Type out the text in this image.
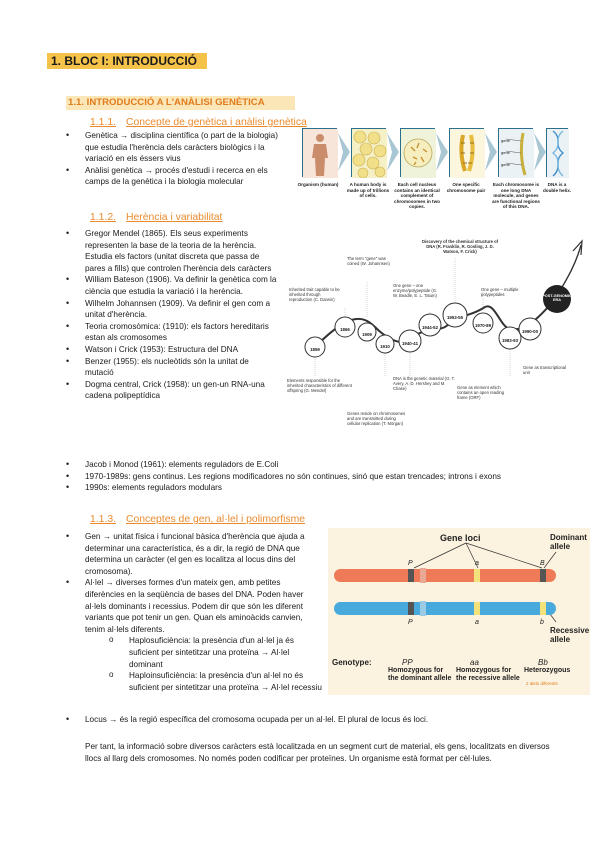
1. BLOC I: INTRODUCCIÓ
1.1. INTRODUCCIÓ A L'ANÀLISI GENÈTICA
1.1.1. Concepte de genètica i anàlisi genètica
• Genètica → disciplina científica (o part de la biologia) que estudia l'herència dels caràcters biològics i la variació en els éssers vius
• Anàlisi genètica → procés d'estudi i recerca en els camps de la genètica i la biologia molecular
gene
gene
gene
Organism (human)	A human body is made up of trillions of cells.
Each cell nucleus contains an identical complement of chromosomes in two copies.
One specific chromosome pair
Each chromosome is one long DNA molecule, and genes are functional regions of this DNA.
DNA is a double helix.
1.1.2. Herència i variabilitat
• Gregor Mendel (1865). Els seus experiments representen la base de la teoria de la herència. Estudia els factors (unitat discreta que passa de pares a fills) que controlen l'herència dels caràcters
• William Bateson (1906). Va definir la genètica com la ciència que estudia la variació i la herència.
• Wilhelm Johannsen (1909). Va definir el gen com a unitat d'herència.
• Teoria cromosòmica: (1910): els factors hereditaris estan als cromosomes
• Watson i Crick (1953): Estructura del DNA
• Benzer (1955): els nucleòtids són la unitat de mutació
• Dogma central, Crick (1958): un gen-un RNA-una cadena polipeptídica
• Jacob i Monod (1961): elements reguladors de E.Coli
• 1970-1989s: gens continus. Les regions modificadores no són continues, sinó que estan trencades; introns i exons
• 1990s: elements reguladors modulars
1859
1866
1909
1910
1940-41
1944-52
1953-55
1970-89
1983-93
1990-00
POST-GENOMIC ERA
Discovery of the chemical structure of DNA (R. Franklin, R. Gosling, J. D. Watson, F. Crick)
The term "gene" was coined (W. Johannsen)
Inherited trait capable to be inherited through reproduction (C. Darwin)
One gene – one enzyme/polypeptide (G. W. Beadle, E. L. Tatum)
One gene – multiple polypeptides
Elements responsible for the inherited characteristics of different offspring (G. Mendel)
DNA is the genetic material (O. T. Avery, A. D. Hershey and M. Chase)	Gene as element which contains an open reading frame (ORF)
Gene as transcriptional unit
Genes reside on chromosomes and are transmitted during cellular replication (T. Morgan)
1.1.3. Conceptes de gen, al·lel i polimorfisme
• Gen → unitat física i funcional bàsica d'herència que ajuda a determinar una característica, és a dir, la regió de DNA que determina un caràcter (el gen es localitza al locus dins del cromosoma).
• Al·lel → diverses formes d'un mateix gen, amb petites diferències en la seqüència de bases del DNA. Poden haver al·lels dominants i recessius. Podem dir que són les diferent variants que pot tenir un gen. Quan els aminoàcids canvien, tenim al·lels diferents.
o Haplosuficiència: la presència d'un al·lel ja és suficient per sintetitzar una proteïna → Al·lel dominant
o Haploinsuficiència: la presència d'un al·lel no és suficient per sintetitzar una proteïna → Al·lel recessiu
• Locus → és la regió específica del cromosoma ocupada per un al·lel. El plural de locus és loci.
Per tant, la informació sobre diversos caràcters està localitzada en un segment curt de material, els gens, localitzats en diversos llocs al llarg dels cromosomes. No només poden codificar per proteïnes. Un organisme està format per cèl·lules.
Gene loci	Dominant allele
Recessive allele
P	a	B
P	a	b
Genotype:	PP	aa	Bb
Homozygous for the dominant allele
Homozygous for the recessive allele
Heterozygous
2 alelo diferents
